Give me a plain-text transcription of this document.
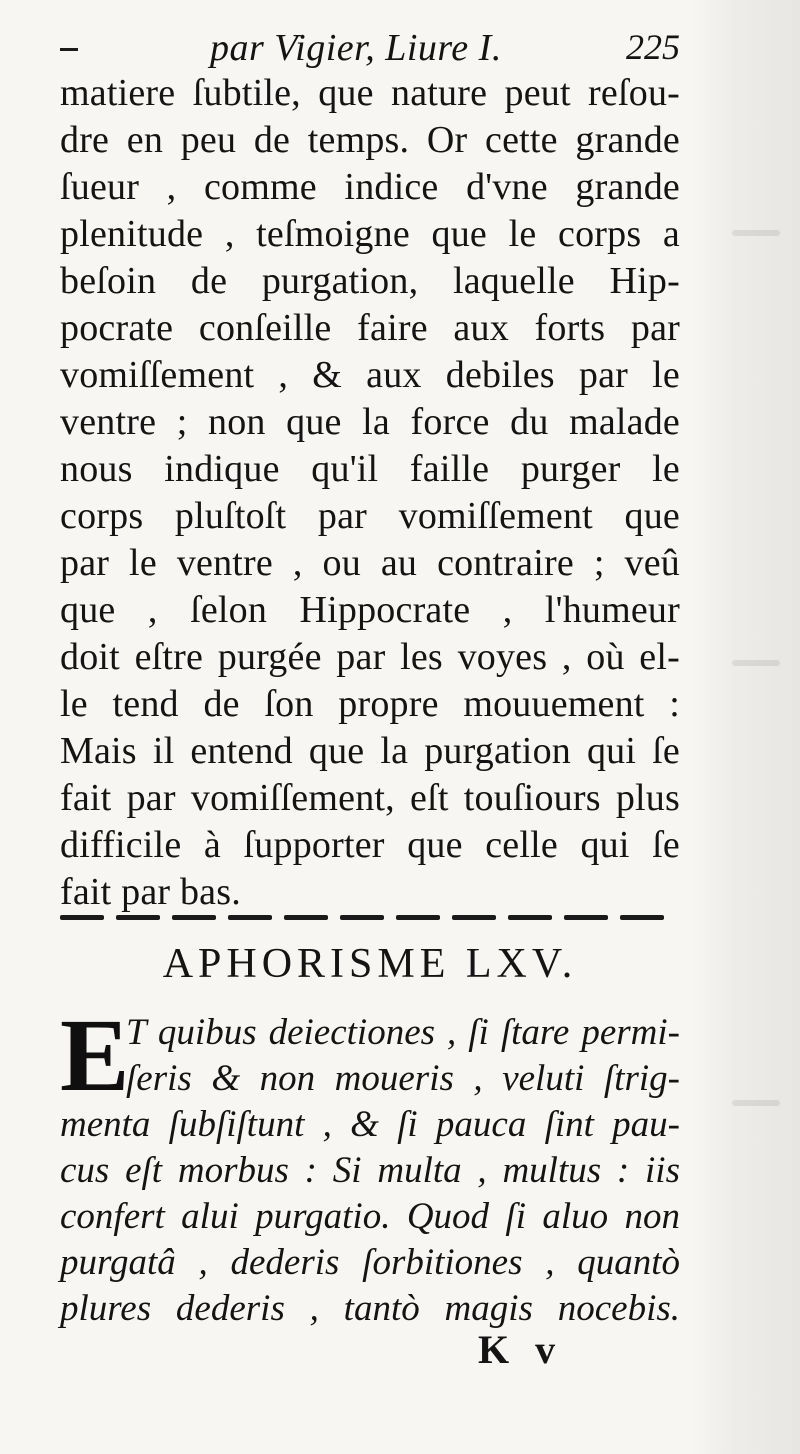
par Vigier, Liure I.	225
matiere ſubtile, que nature peut reſou-
dre en peu de temps. Or cette grande
ſueur , comme indice d'vne grande
plenitude , teſmoigne que le corps a
beſoin de purgation, laquelle Hip-
pocrate conſeille faire aux forts par
vomiſſement , & aux debiles par le
ventre ; non que la force du malade
nous indique qu'il faille purger le
corps pluſtoſt par vomiſſement que
par le ventre , ou au contraire ; veû
que , ſelon Hippocrate , l'humeur
doit eſtre purgée par les voyes , où el-
le tend de ſon propre mouuement :
Mais il entend que la purgation qui ſe
fait par vomiſſement, eſt touſiours plus
difficile à ſupporter que celle qui ſe
fait par bas.
APHORISME LXV.
E
T quibus deiectiones , ſi ſtare permi-
ſeris & non moueris , veluti ſtrig-
menta ſubſiſtunt , & ſi pauca ſint pau-
cus eſt morbus : Si multa , multus : iis
confert alui purgatio. Quod ſi aluo non
purgatâ , dederis ſorbitiones , quantò
plures dederis , tantò magis nocebis.
K v
